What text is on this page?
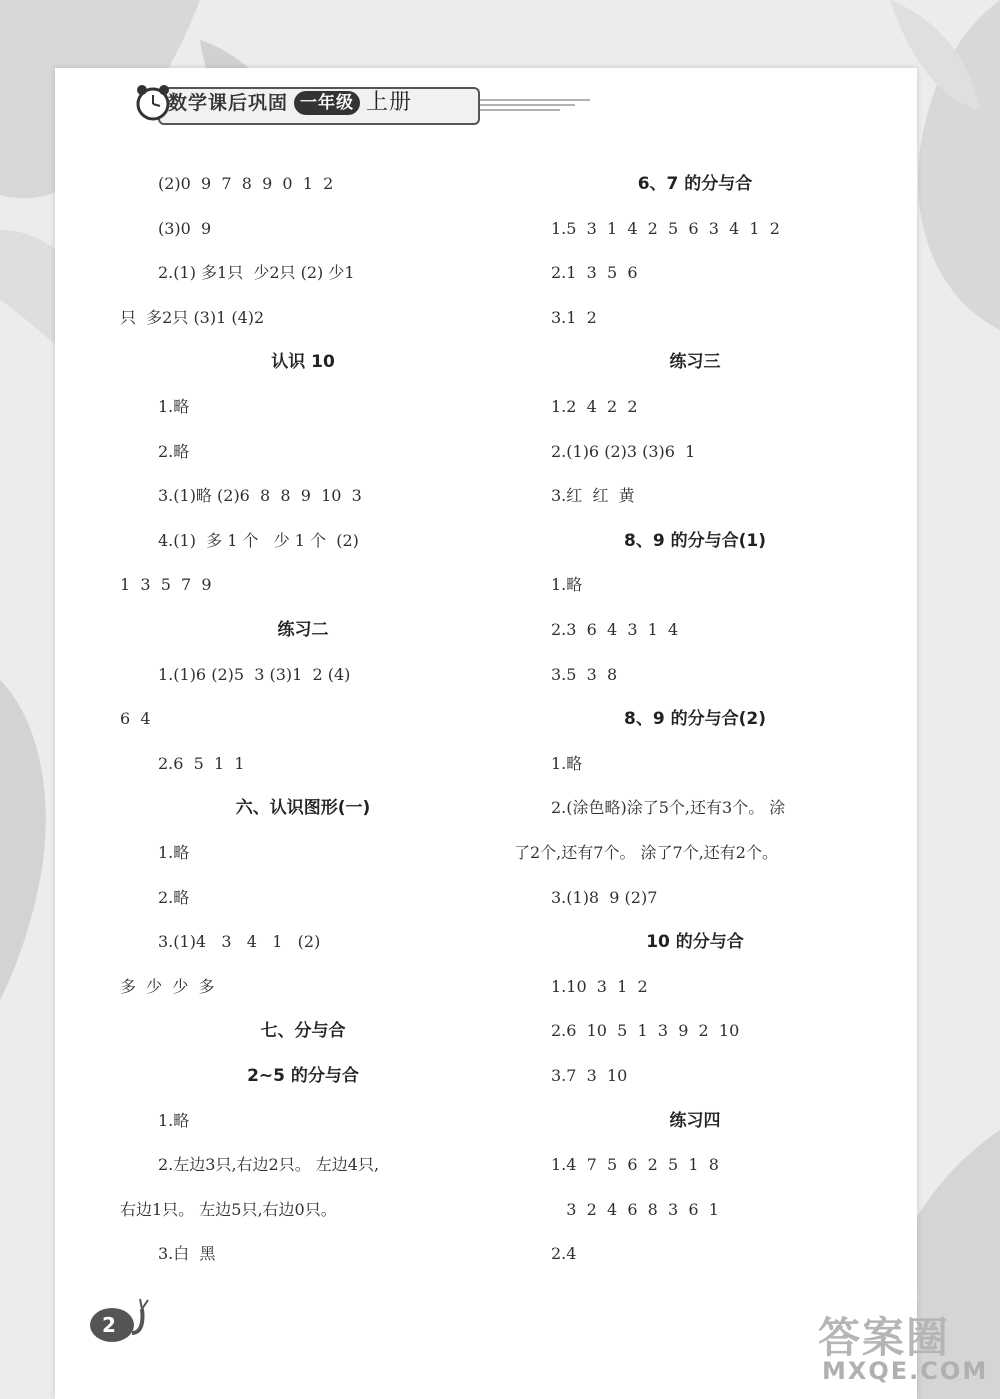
数学课后巩固 一年级 上册
(2)0  9  7  8  9  0  1  2
(3)0  9
2.(1) 多1只  少2只 (2) 少1
只  多2只 (3)1 (4)2
认识 10
1.略
2.略
3.(1)略 (2)6  8  8  9  10  3
4.(1)  多 1 个   少 1 个  (2)
1  3  5  7  9
练习二
1.(1)6 (2)5  3 (3)1  2 (4)
6  4
2.6  5  1  1
六、认识图形(一)
1.略
2.略
3.(1)4   3   4   1   (2)
多  少  少  多
七、分与合
2~5 的分与合
1.略
2.左边3只,右边2只。 左边4只,
右边1只。 左边5只,右边0只。
3.白  黑
6、7 的分与合
1.5  3  1  4  2  5  6  3  4  1  2
2.1  3  5  6
3.1  2
练习三
1.2  4  2  2
2.(1)6 (2)3 (3)6  1
3.红  红  黄
8、9 的分与合(1)
1.略
2.3  6  4  3  1  4
3.5  3  8
8、9 的分与合(2)
1.略
2.(涂色略)涂了5个,还有3个。 涂
了2个,还有7个。 涂了7个,还有2个。
3.(1)8  9 (2)7
10 的分与合
1.10  3  1  2
2.6  10  5  1  3  9  2  10
3.7  3  10
练习四
1.4  7  5  6  2  5  1  8
3  2  4  6  8  3  6  1
2.4
2	答案圈
MXQE.COM
